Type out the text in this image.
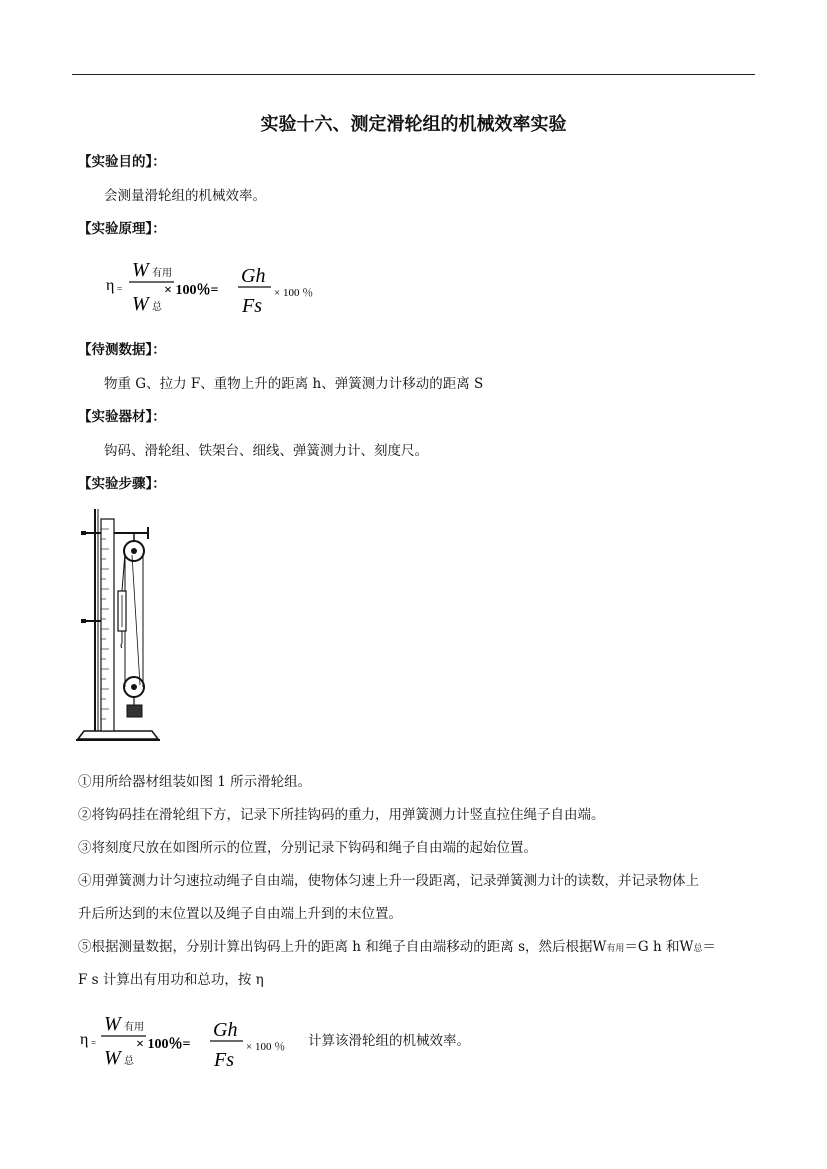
实验十六、测定滑轮组的机械效率实验
【实验目的】：
会测量滑轮组的机械效率。
【实验原理】：
η =
W 有用
W 总
× 100％=
Gh
Fs
× 100 ％
【待测数据】：
物重 G、拉力 F、重物上升的距离 h、弹簧测力计移动的距离 S
【实验器材】：
钩码、滑轮组、铁架台、细线、弹簧测力计、刻度尺。
【实验步骤】：
①用所给器材组装如图 1 所示滑轮组。
②将钩码挂在滑轮组下方，记录下所挂钩码的重力，用弹簧测力计竖直拉住绳子自由端。
③将刻度尺放在如图所示的位置，分别记录下钩码和绳子自由端的起始位置。
④用弹簧测力计匀速拉动绳子自由端，使物体匀速上升一段距离，记录弹簧测力计的读数，并记录物体上
升后所达到的末位置以及绳子自由端上升到的末位置。
⑤根据测量数据，分别计算出钩码上升的距离 h 和绳子自由端移动的距离 s，然后根据W有用＝G h 和W总＝
F s 计算出有用功和总功，按 η
η =
W 有用
W 总
× 100％=
Gh
Fs
× 100 ％ 计算该滑轮组的机械效率。
